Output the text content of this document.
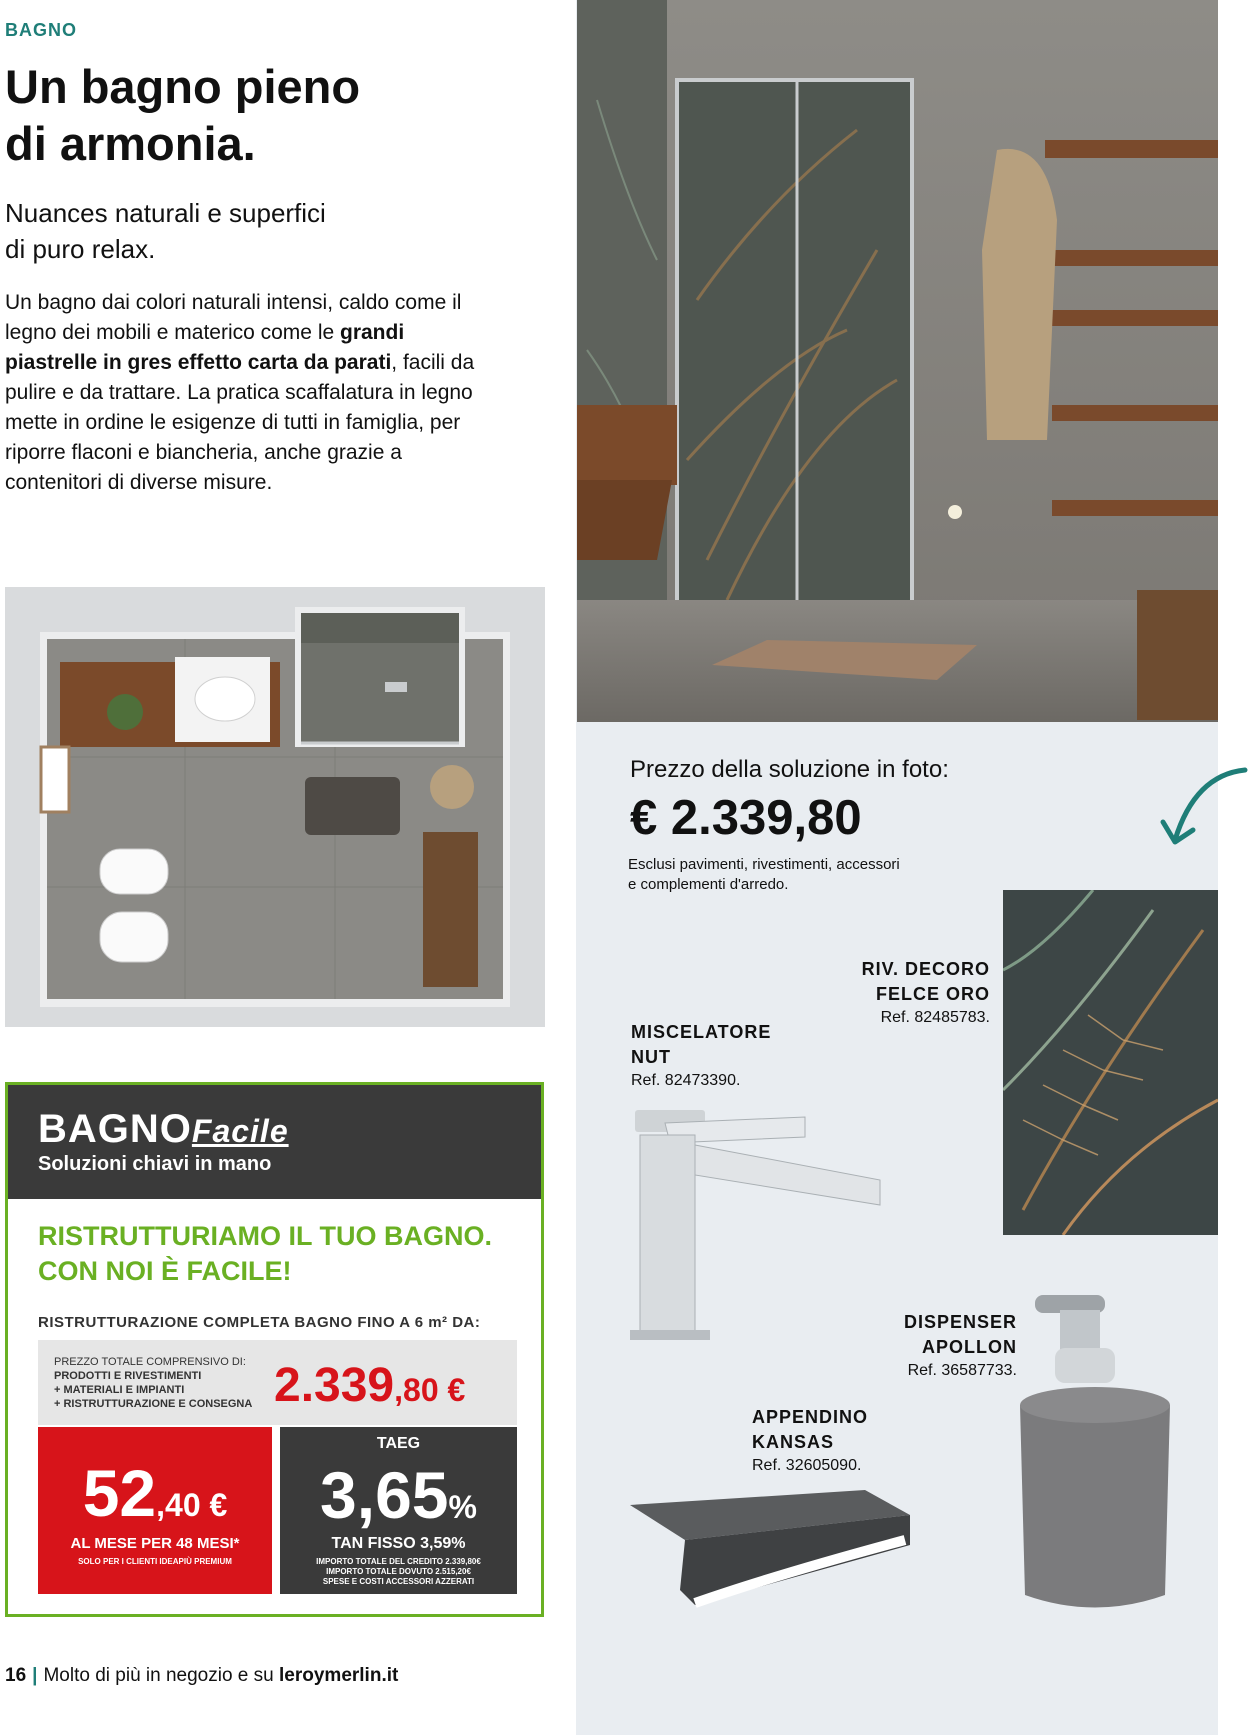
BAGNO
Un bagno pieno
di armonia.
Nuances naturali e superfici
di puro relax.
Un bagno dai colori naturali intensi, caldo come il legno dei mobili e materico come le grandi piastrelle in gres effetto carta da parati, facili da pulire e da trattare. La pratica scaffalatura in legno mette in ordine le esigenze di tutti in famiglia, per riporre flaconi e biancheria, anche grazie a contenitori di diverse misure.
Prezzo della soluzione in foto:
€ 2.339,80
Esclusi pavimenti, rivestimenti, accessori
e complementi d'arredo.
RIV. DECORO
FELCE ORO
Ref. 82485783.
MISCELATORE
NUT
Ref. 82473390.
DISPENSER
APOLLON
Ref. 36587733.
APPENDINO
KANSAS
Ref. 32605090.
BAGNOFacile
Soluzioni chiavi in mano
RISTRUTTURIAMO IL TUO BAGNO.
CON NOI È FACILE!
RISTRUTTURAZIONE COMPLETA BAGNO FINO A 6 m² DA:
PREZZO TOTALE COMPRENSIVO DI:
PRODOTTI E RIVESTIMENTI
+ MATERIALI E IMPIANTI
+ RISTRUTTURAZIONE E CONSEGNA 2.339,80 €
52,40 €
AL MESE PER 48 MESI*
SOLO PER I CLIENTI IDEAPIÙ PREMIUM
TAEG
3,65%
TAN FISSO 3,59%
IMPORTO TOTALE DEL CREDITO 2.339,80€
IMPORTO TOTALE DOVUTO 2.515,20€
SPESE E COSTI ACCESSORI AZZERATI
16 | Molto di più in negozio e su leroymerlin.it
